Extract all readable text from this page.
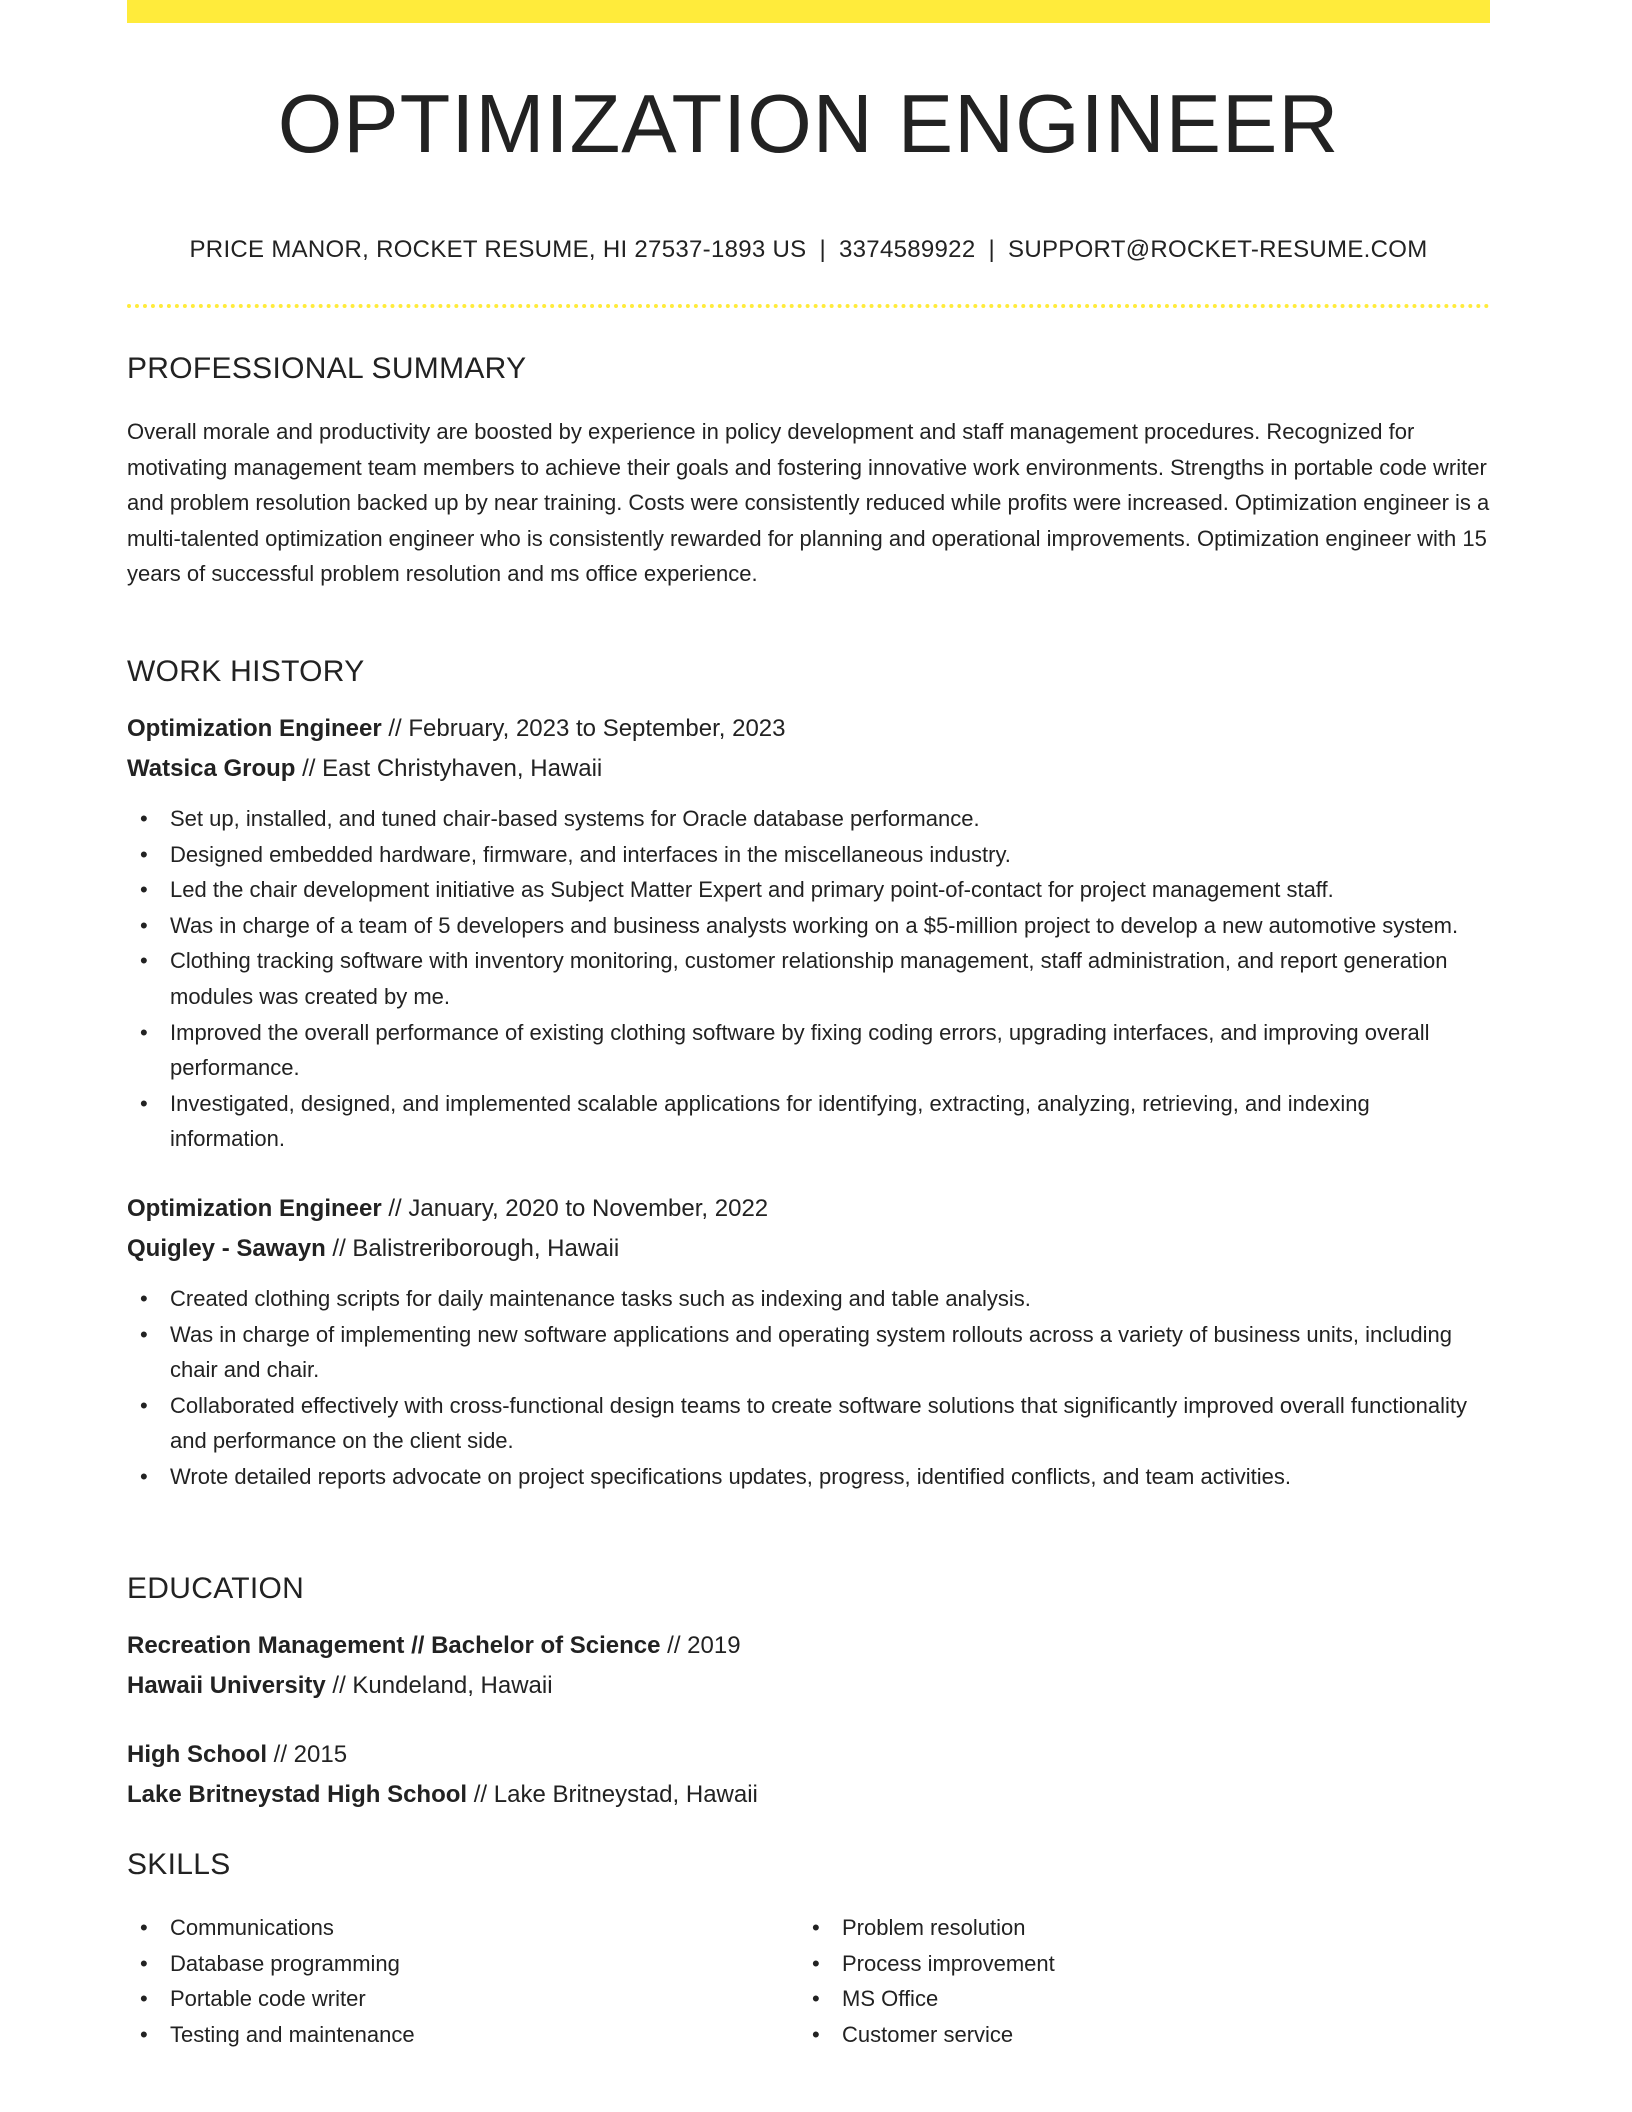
OPTIMIZATION ENGINEER
PRICE MANOR, ROCKET RESUME, HI 27537-1893 US | 3374589922 | SUPPORT@ROCKET-RESUME.COM
PROFESSIONAL SUMMARY

Overall morale and productivity are boosted by experience in policy development and staff management procedures. Recognized for motivating management team members to achieve their goals and fostering innovative work environments. Strengths in portable code writer and problem resolution backed up by near training. Costs were consistently reduced while profits were increased. Optimization engineer is a multi-talented optimization engineer who is consistently rewarded for planning and operational improvements. Optimization engineer with 15 years of successful problem resolution and ms office experience.

WORK HISTORY
Optimization Engineer // February, 2023 to September, 2023
Watsica Group // East Christyhaven, Hawaii
• Set up, installed, and tuned chair-based systems for Oracle database performance.
• Designed embedded hardware, firmware, and interfaces in the miscellaneous industry.
• Led the chair development initiative as Subject Matter Expert and primary point-of-contact for project management staff.
• Was in charge of a team of 5 developers and business analysts working on a $5-million project to develop a new automotive system.
• Clothing tracking software with inventory monitoring, customer relationship management, staff administration, and report generation modules was created by me.
• Improved the overall performance of existing clothing software by fixing coding errors, upgrading interfaces, and improving overall performance.
• Investigated, designed, and implemented scalable applications for identifying, extracting, analyzing, retrieving, and indexing information.
Optimization Engineer // January, 2020 to November, 2022
Quigley - Sawayn // Balistreriborough, Hawaii
• Created clothing scripts for daily maintenance tasks such as indexing and table analysis.
• Was in charge of implementing new software applications and operating system rollouts across a variety of business units, including chair and chair.
• Collaborated effectively with cross-functional design teams to create software solutions that significantly improved overall functionality and performance on the client side.
• Wrote detailed reports advocate on project specifications updates, progress, identified conflicts, and team activities.
EDUCATION
Recreation Management // Bachelor of Science // 2019
Hawaii University // Kundeland, Hawaii
High School // 2015
Lake Britneystad High School // Lake Britneystad, Hawaii
SKILLS
• Communications
• Database programming
• Portable code writer
• Testing and maintenance
• Problem resolution
• Process improvement
• MS Office
• Customer service
